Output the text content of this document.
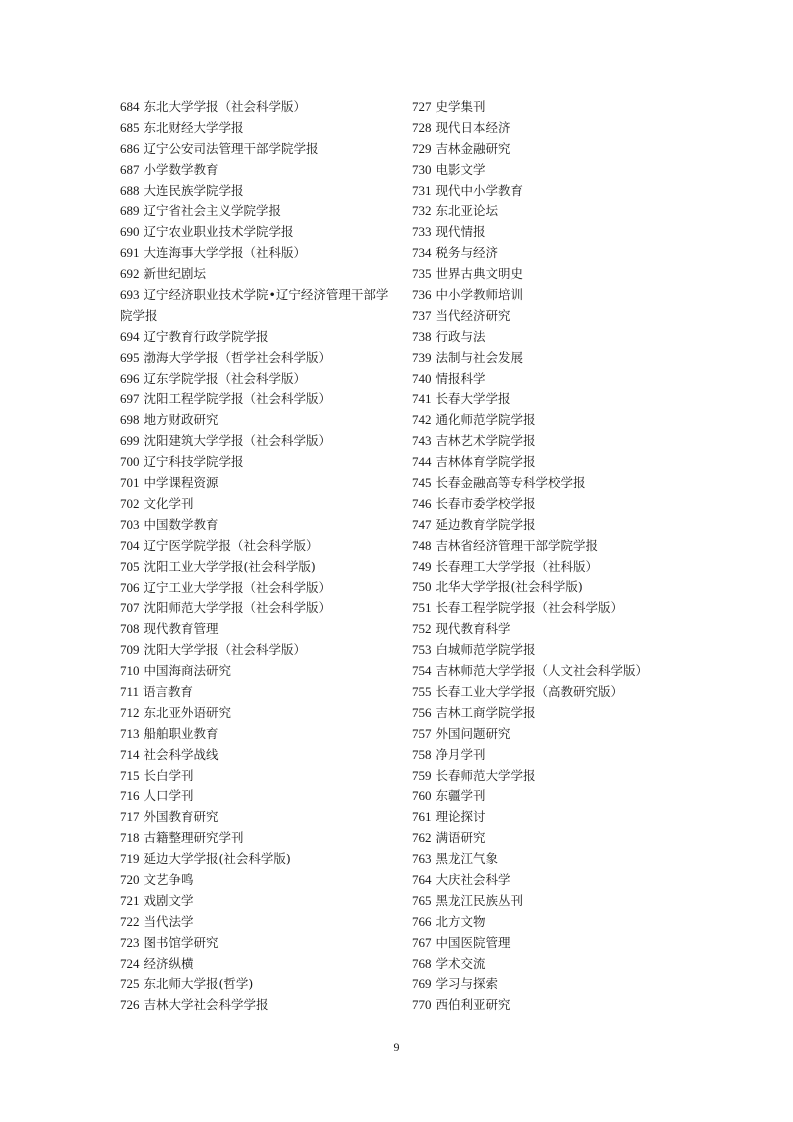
684 东北大学学报（社会科学版）
685 东北财经大学学报
686 辽宁公安司法管理干部学院学报
687 小学数学教育
688 大连民族学院学报
689 辽宁省社会主义学院学报
690 辽宁农业职业技术学院学报
691 大连海事大学学报（社科版）
692 新世纪剧坛
693 辽宁经济职业技术学院•辽宁经济管理干部学院学报
694 辽宁教育行政学院学报
695 渤海大学学报（哲学社会科学版）
696 辽东学院学报（社会科学版）
697 沈阳工程学院学报（社会科学版）
698 地方财政研究
699 沈阳建筑大学学报（社会科学版）
700 辽宁科技学院学报
701 中学课程资源
702 文化学刊
703 中国数学教育
704 辽宁医学院学报（社会科学版）
705 沈阳工业大学学报(社会科学版)
706 辽宁工业大学学报（社会科学版）
707 沈阳师范大学学报（社会科学版）
708 现代教育管理
709 沈阳大学学报（社会科学版）
710 中国海商法研究
711 语言教育
712 东北亚外语研究
713 船舶职业教育
714 社会科学战线
715 长白学刊
716 人口学刊
717 外国教育研究
718 古籍整理研究学刊
719 延边大学学报(社会科学版)
720 文艺争鸣
721 戏剧文学
722 当代法学
723 图书馆学研究
724 经济纵横
725 东北师大学报(哲学)
726 吉林大学社会科学学报
727 史学集刊
728 现代日本经济
729 吉林金融研究
730 电影文学
731 现代中小学教育
732 东北亚论坛
733 现代情报
734 税务与经济
735 世界古典文明史
736 中小学教师培训
737 当代经济研究
738 行政与法
739 法制与社会发展
740 情报科学
741 长春大学学报
742 通化师范学院学报
743 吉林艺术学院学报
744 吉林体育学院学报
745 长春金融高等专科学校学报
746 长春市委学校学报
747 延边教育学院学报
748 吉林省经济管理干部学院学报
749 长春理工大学学报（社科版）
750 北华大学学报(社会科学版)
751 长春工程学院学报（社会科学版）
752 现代教育科学
753 白城师范学院学报
754 吉林师范大学学报（人文社会科学版）
755 长春工业大学学报（高教研究版）
756 吉林工商学院学报
757 外国问题研究
758 净月学刊
759 长春师范大学学报
760 东疆学刊
761 理论探讨
762 满语研究
763 黑龙江气象
764 大庆社会科学
765 黑龙江民族丛刊
766 北方文物
767 中国医院管理
768 学术交流
769 学习与探索
770 西伯利亚研究
9
